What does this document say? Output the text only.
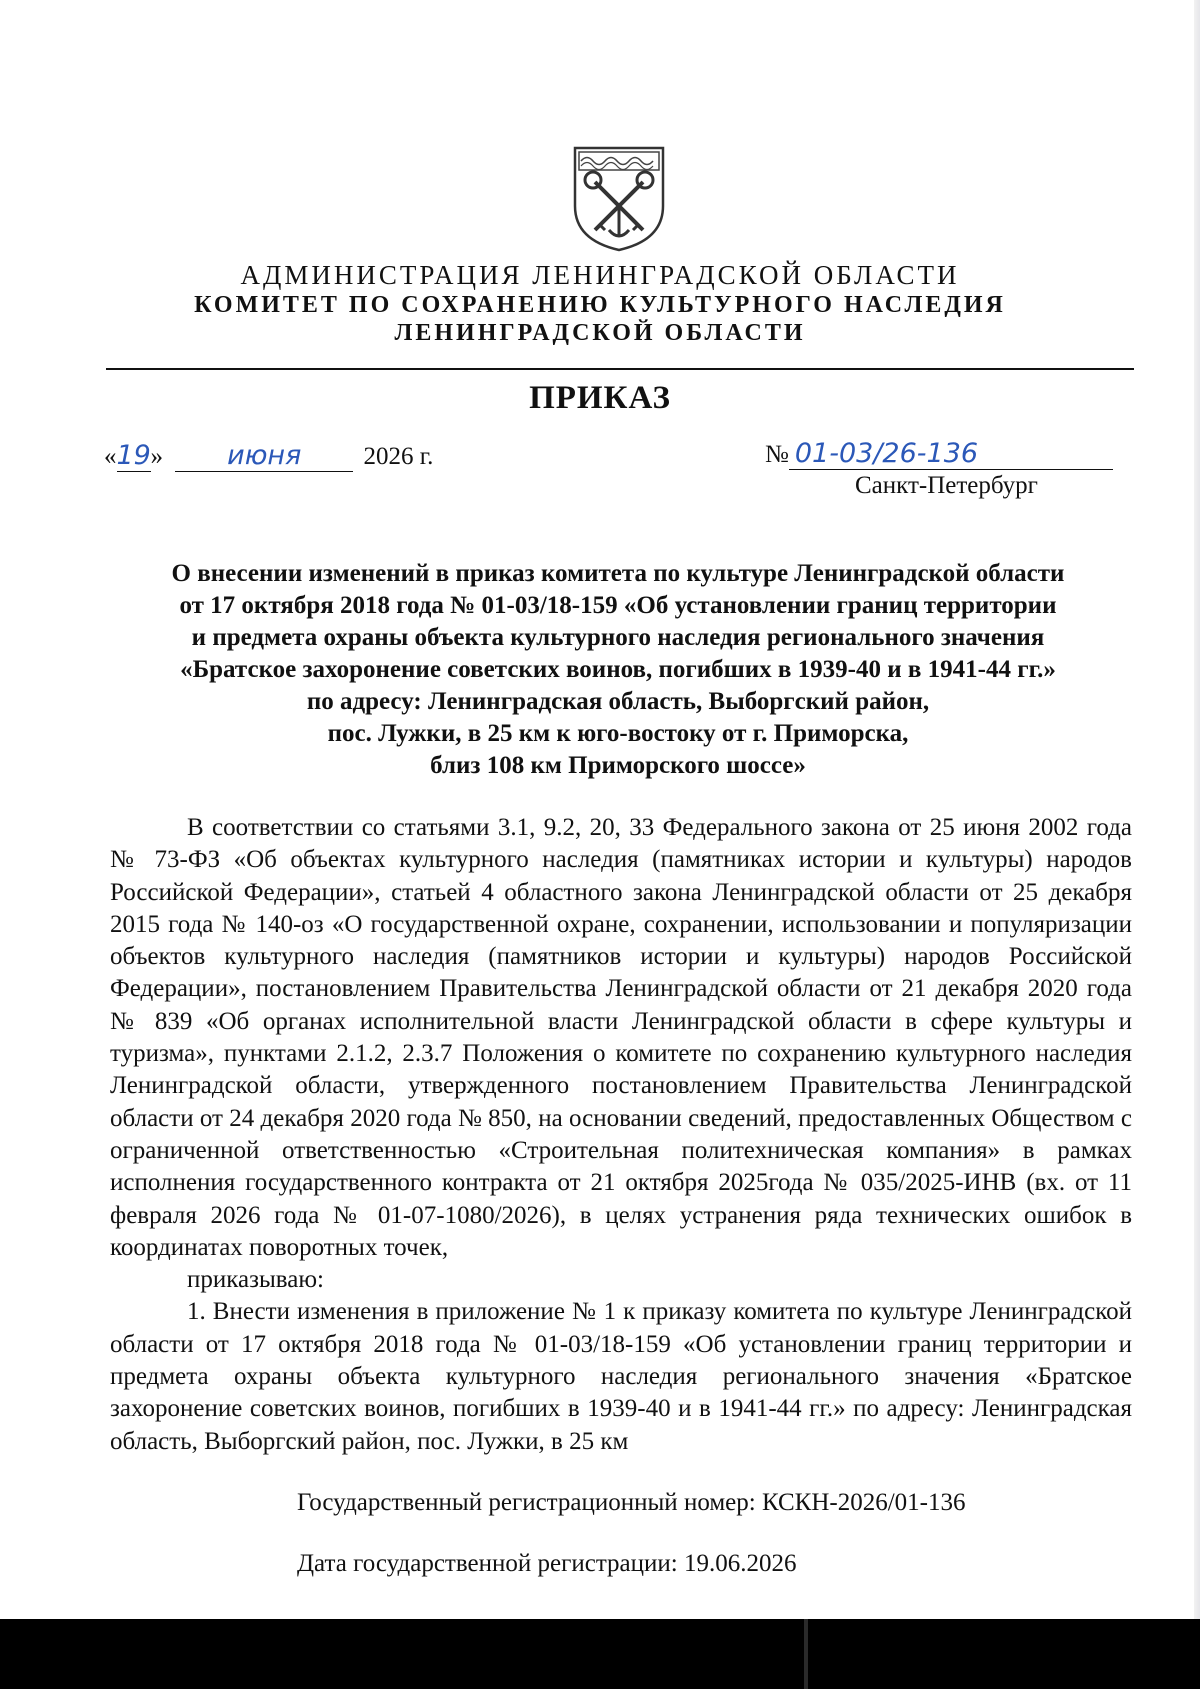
АДМИНИСТРАЦИЯ ЛЕНИНГРАДСКОЙ ОБЛАСТИ
КОМИТЕТ ПО СОХРАНЕНИЮ КУЛЬТУРНОГО НАСЛЕДИЯ
ЛЕНИНГРАДСКОЙ ОБЛАСТИ
ПРИКАЗ
«19» июня 2026 г.	№ 01-03/26-136
Санкт-Петербург
О внесении изменений в приказ комитета по культуре Ленинградской области
от 17 октября 2018 года № 01-03/18-159 «Об установлении границ территории
и предмета охраны объекта культурного наследия регионального значения
«Братское захоронение советских воинов, погибших в 1939-40 и в 1941-44 гг.»
по адресу: Ленинградская область, Выборгский район,
пос. Лужки, в 25 км к юго-востоку от г. Приморска,
близ 108 км Приморского шоссе»

В соответствии со статьями 3.1, 9.2, 20, 33 Федерального закона от 25 июня 2002 года № 73-ФЗ «Об объектах культурного наследия (памятниках истории и культуры) народов Российской Федерации», статьей 4 областного закона Ленинградской области от 25 декабря 2015 года № 140-оз «О государственной охране, сохранении, использовании и популяризации объектов культурного наследия (памятников истории и культуры) народов Российской Федерации», постановлением Правительства Ленинградской области от 21 декабря 2020 года № 839 «Об органах исполнительной власти Ленинградской области в сфере культуры и туризма», пунктами 2.1.2, 2.3.7 Положения о комитете по сохранению культурного наследия Ленинградской области, утвержденного постановлением Правительства Ленинградской области от 24 декабря 2020 года № 850, на основании сведений, предоставленных Обществом с ограниченной ответственностью «Строительная политехническая компания» в рамках исполнения государственного контракта от 21 октября 2025года № 035/2025-ИНВ (вх. от 11 февраля 2026 года № 01-07-1080/2026), в целях устранения ряда технических ошибок в координатах поворотных точек,

приказываю:

1. Внести изменения в приложение № 1 к приказу комитета по культуре Ленинградской области от 17 октября 2018 года № 01-03/18-159 «Об установлении границ территории и предмета охраны объекта культурного наследия регионального значения «Братское захоронение советских воинов, погибших в 1939-40 и в 1941-44 гг.» по адресу: Ленинградская область, Выборгский район, пос. Лужки, в 25 км

Государственный регистрационный номер: КСКН-2026/01-136
Дата государственной регистрации: 19.06.2026
